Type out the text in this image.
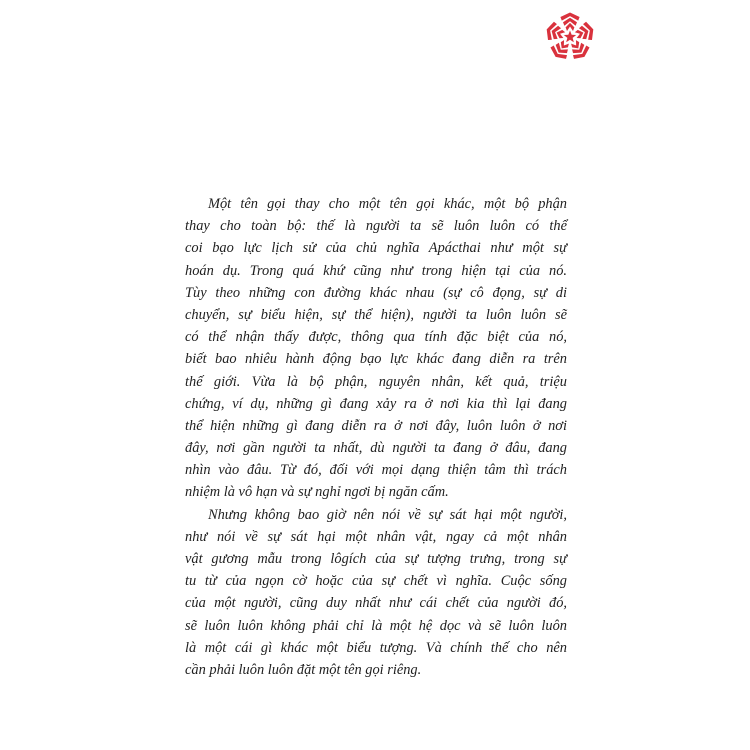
Một tên gọi thay cho một tên gọi khác, một bộ phận
thay cho toàn bộ: thế là người ta sẽ luôn luôn có thể
coi bạo lực lịch sử của chủ nghĩa Apácthai như một sự
hoán dụ. Trong quá khứ cũng như trong hiện tại của nó.
Tùy theo những con đường khác nhau (sự cô đọng, sự di
chuyển, sự biểu hiện, sự thể hiện), người ta luôn luôn sẽ
có thể nhận thấy được, thông qua tính đặc biệt của nó,
biết bao nhiêu hành động bạo lực khác đang diễn ra trên
thế giới. Vừa là bộ phận, nguyên nhân, kết quả, triệu
chứng, ví dụ, những gì đang xảy ra ở nơi kia thì lại đang
thể hiện những gì đang diễn ra ở nơi đây, luôn luôn ở nơi
đây, nơi gần người ta nhất, dù người ta đang ở đâu, đang
nhìn vào đâu. Từ đó, đối với mọi dạng thiện tâm thì trách
nhiệm là vô hạn và sự nghỉ ngơi bị ngăn cấm.
Nhưng không bao giờ nên nói về sự sát hại một người,
như nói về sự sát hại một nhân vật, ngay cả một nhân
vật gương mẫu trong lôgích của sự tượng trưng, trong sự
tu từ của ngọn cờ hoặc của sự chết vì nghĩa. Cuộc sống
của một người, cũng duy nhất như cái chết của người đó,
sẽ luôn luôn không phải chỉ là một hệ dọc và sẽ luôn luôn
là một cái gì khác một biểu tượng. Và chính thế cho nên
cần phải luôn luôn đặt một tên gọi riêng.
